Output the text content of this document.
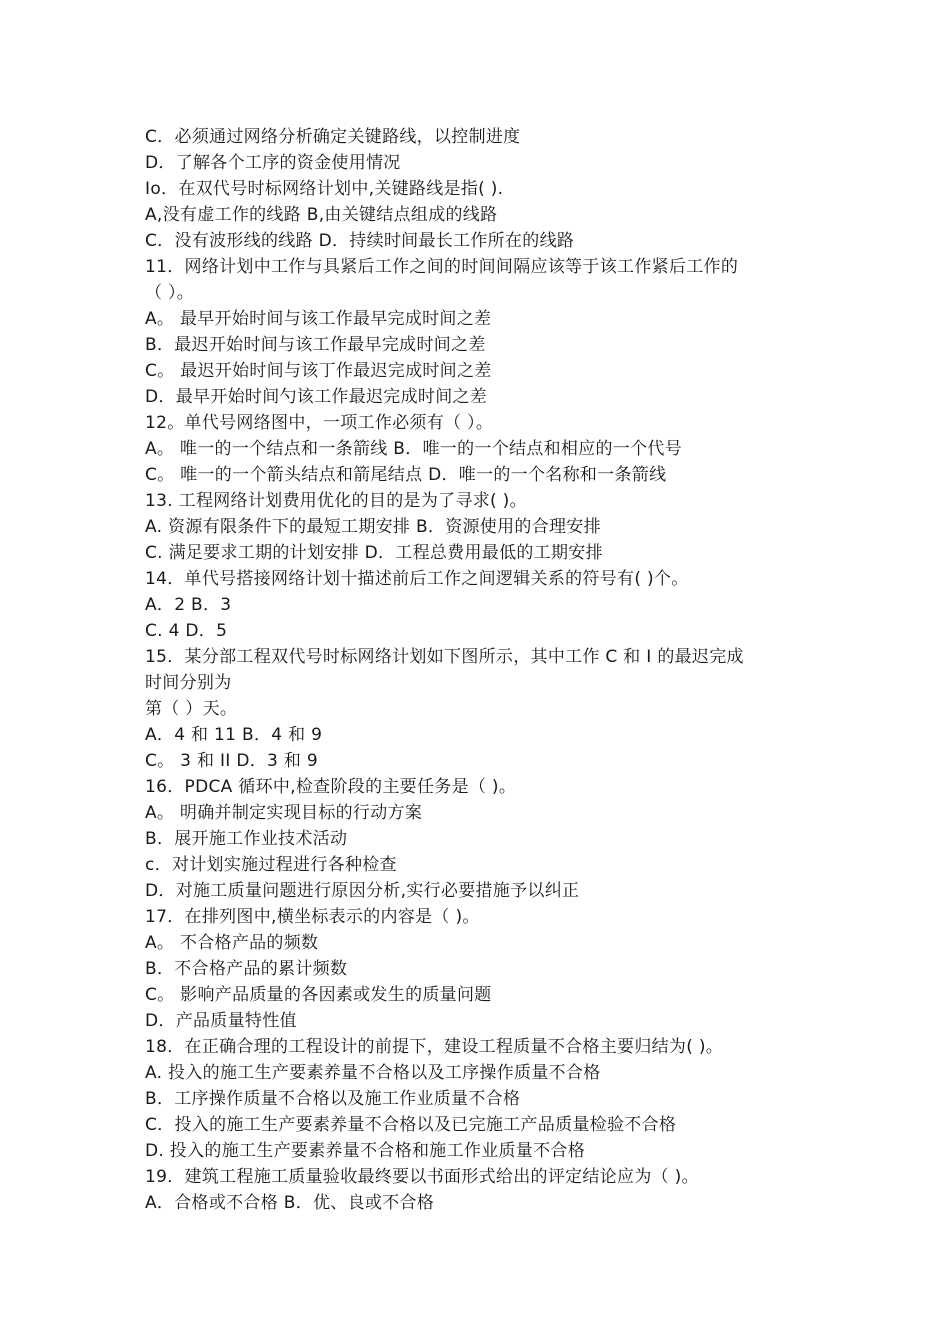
C．必须通过网络分析确定关键路线，以控制进度
D．了解各个工序的资金使用情况
Io．在双代号时标网络计划中,关键路线是指( ).
A,没有虚工作的线路 B,由关键结点组成的线路
C．没有波形线的线路 D．持续时间最长工作所在的线路
11．网络计划中工作与具紧后工作之间的时间间隔应该等于该工作紧后工作的
（ ）。
A。 最早开始时间与该工作最早完成时间之差
B．最迟开始时间与该工作最早完成时间之差
C。 最迟开始时间与该丁作最迟完成时间之差
D．最早开始时间勺该工作最迟完成时间之差
12。单代号网络图中，一项工作必须有（ ）。
A。 唯一的一个结点和一条箭线 B．唯一的一个结点和相应的一个代号
C。 唯一的一个箭头结点和箭尾结点 D．唯一的一个名称和一条箭线
13. 工程网络计划费用优化的目的是为了寻求( )。
A. 资源有限条件下的最短工期安排 B．资源使用的合理安排
C. 满足要求工期的计划安排 D．工程总费用最低的工期安排
14．单代号搭接网络计划十描述前后工作之间逻辑关系的符号有( )个。
A．2 B．3
C. 4 D．5
15．某分部工程双代号时标网络计划如下图所示，其中工作 C 和 I 的最迟完成
时间分别为
第（ ）天。
A．4 和 11 B．4 和 9
C。 3 和 II D．3 和 9
16．PDCA 循环中,检查阶段的主要任务是（ )。
A。 明确并制定实现目标的行动方案
B．展开施工作业技术活动
c．对计划实施过程进行各种检查
D．对施工质量问题进行原因分析,实行必要措施予以纠正
17．在排列图中,横坐标表示的内容是（ )。
A。 不合格产品的频数
B．不合格产品的累计频数
C。 影响产品质量的各因素或发生的质量问题
D．产品质量特性值
18．在正确合理的工程设计的前提下，建设工程质量不合格主要归结为( )。
A. 投入的施工生产要素养量不合格以及工序操作质量不合格
B．工序操作质量不合格以及施工作业质量不合格
C．投入的施工生产要素养量不合格以及已完施工产品质量检验不合格
D. 投入的施工生产要素养量不合格和施工作业质量不合格
19．建筑工程施工质量验收最终要以书面形式给出的评定结论应为（ )。
A．合格或不合格 B．优、良或不合格
